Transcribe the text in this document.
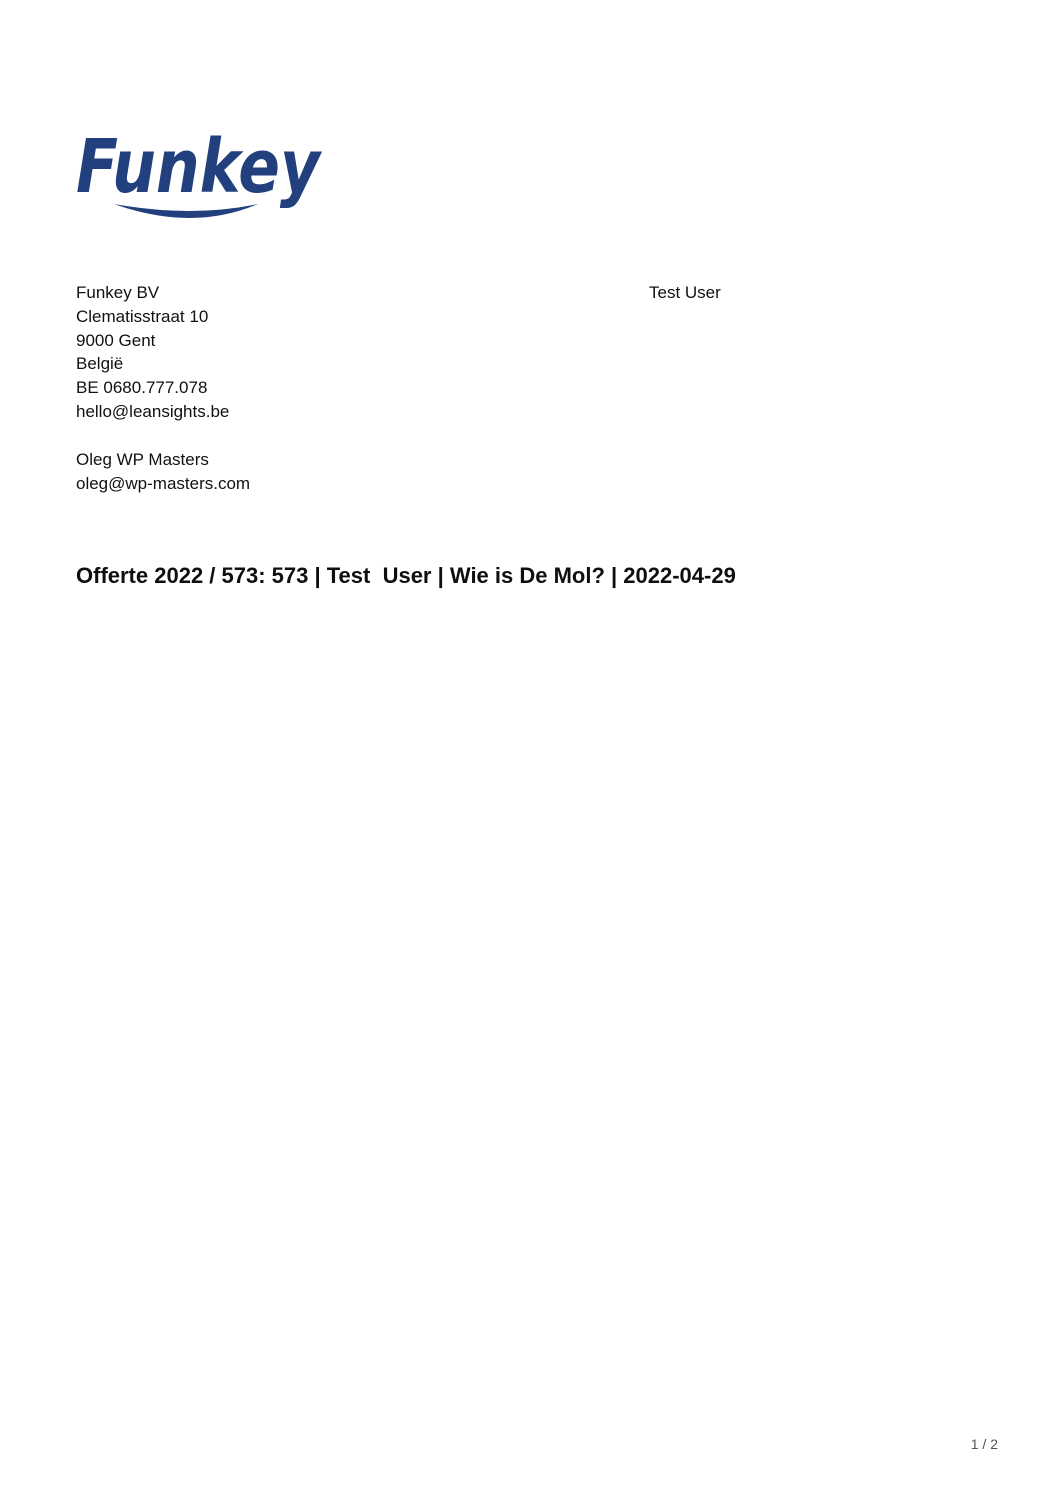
Funkey
Funkey BV
Clematisstraat 10
9000 Gent
België
BE 0680.777.078
hello@leansights.be
Oleg WP Masters
oleg@wp-masters.com
Test User
Offerte 2022 / 573: 573 | Test  User | Wie is De Mol? | 2022-04-29
1 / 2
